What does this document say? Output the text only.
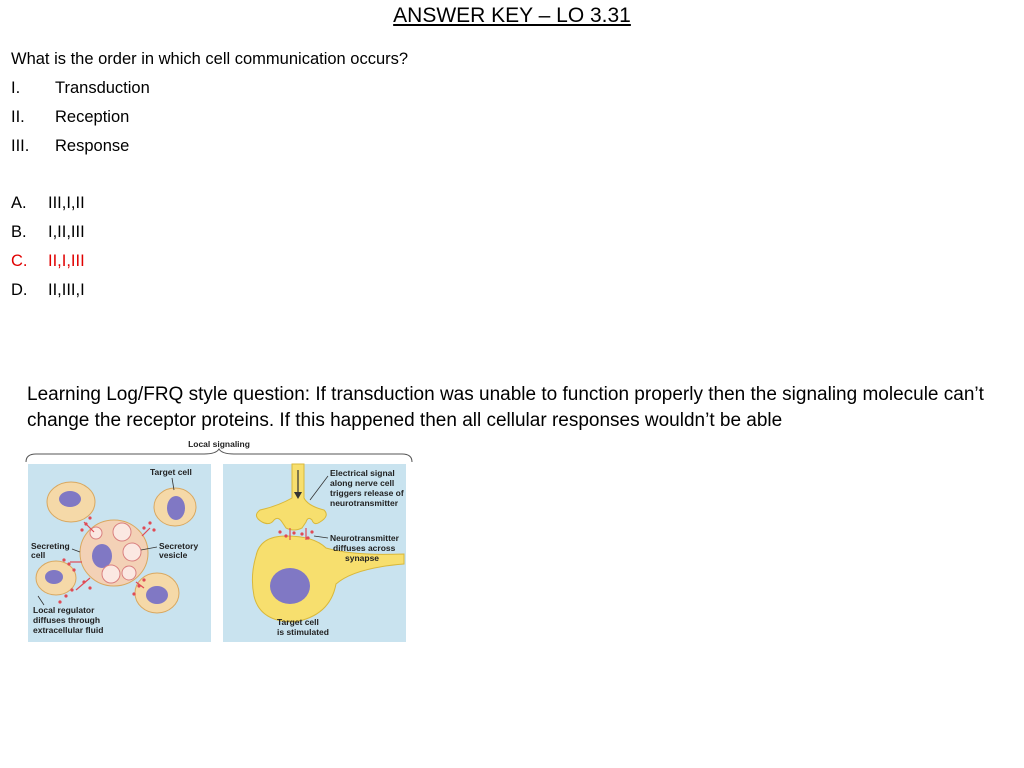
ANSWER KEY – LO 3.31
What is the order in which cell communication occurs?
I. Transduction
II. Reception
III. Response
A. III,I,II
B. I,II,III
C. II,I,III
D. II,III,I
Learning Log/FRQ style question: If transduction was unable to function properly then the signaling molecule can’t change the receptor proteins. If this happened then all cellular responses wouldn’t be able
Local signaling
Target cell
Secreting
cell
Secretory
vesicle
Local regulator
diffuses through
extracellular fluid
Electrical signal
along nerve cell
triggers release of
neurotransmitter
Neurotransmitter
diffuses across
synapse
Target cell
is stimulated
